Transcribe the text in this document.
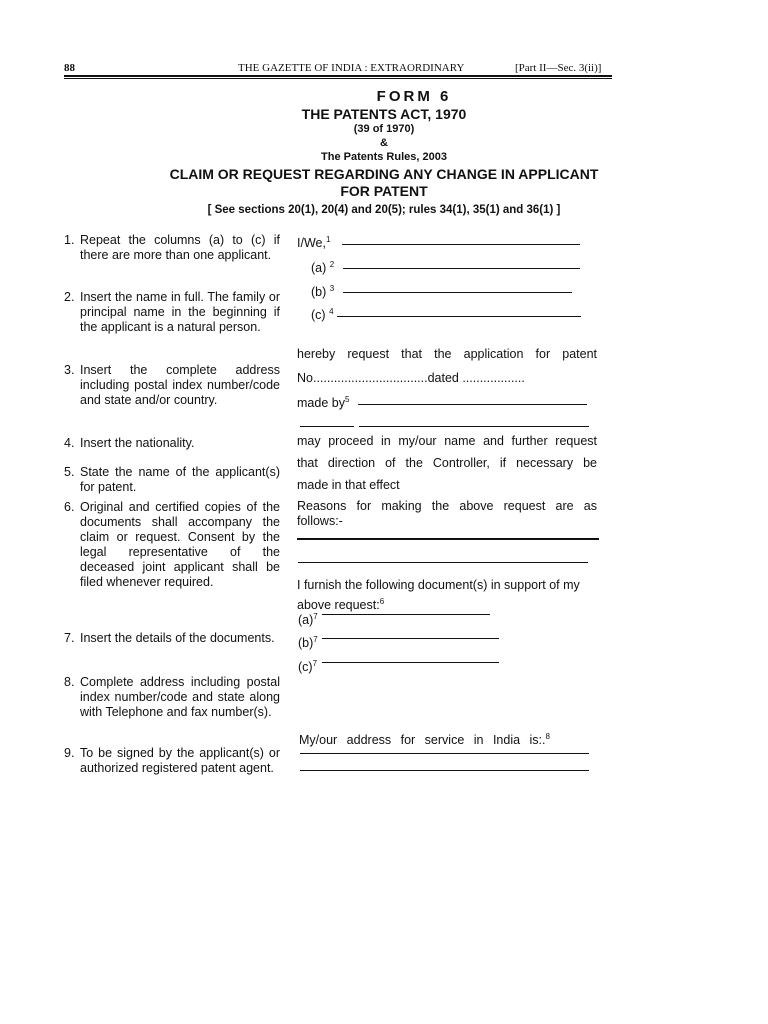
88	THE GAZETTE OF INDIA : EXTRAORDINARY	[Part II—Sec. 3(ii)]
FORM 6
THE PATENTS ACT, 1970
(39 of 1970)
&
The Patents Rules, 2003
CLAIM OR REQUEST REGARDING ANY CHANGE IN APPLICANT
FOR PATENT
[ See sections 20(1), 20(4) and 20(5); rules 34(1), 35(1) and 36(1) ]
1. Repeat the columns (a) to (c) if there are more than one applicant.
2. Insert the name in full. The family or principal name in the beginning if the applicant is a natural person.
3. Insert the complete address including postal index number/code and state and/or country.
4. Insert the nationality.
5. State the name of the applicant(s) for patent.
6. Original and certified copies of the documents shall accompany the claim or request. Consent by the legal representative of the deceased joint applicant shall be filed whenever required.
7. Insert the details of the documents.
8. Complete address including postal index number/code and state along with Telephone and fax number(s).
9. To be signed by the applicant(s) or authorized registered patent agent.
I/We,$^1$
(a) $^2$
(b) $^3$
(c) $^4$
hereby request that the application for patent
No.................................dated ..................
made $by^5$
may proceed in my/our name and further request
that direction of the Controller, if necessary be
made in that effect
Reasons for making the above request are as
follows:-
I furnish the following document(s) in support of my
above request:$^6$
$(a)^7$
$(b)^7$
$(c)^7$
My/our address for service in India is:.$^8$
